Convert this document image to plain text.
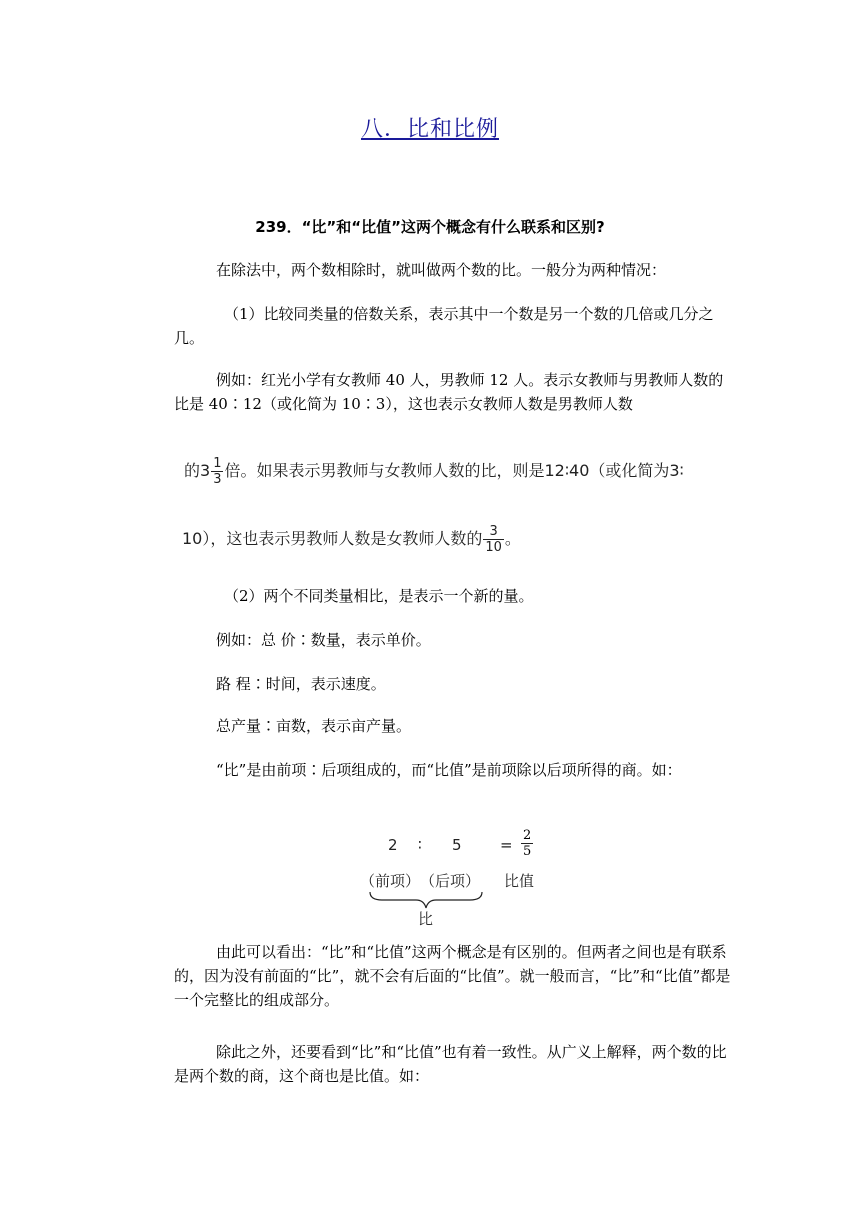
八．比和比例
239．“比”和“比值”这两个概念有什么联系和区别?

在除法中，两个数相除时，就叫做两个数的比。一般分为两种情况：

（1）比较同类量的倍数关系，表示其中一个数是另一个数的几倍或几分之几。

例如：红光小学有女教师 40 人，男教师 12 人。表示女教师与男教师人数的比是 40∶12（或化简为 10∶3），这也表示女教师人数是男教师人数

的$3 \frac{1}{3}$ 倍。如果表示男教师与女教师人数的比，则是12∶40（或化简为3∶
10），这也表示男教师人数是女教师人数的 $\frac{3}{10}$ 。

（2）两个不同类量相比，是表示一个新的量。

例如：总 价∶数量，表示单价。

路 程∶时间，表示速度。

总产量∶亩数，表示亩产量。

“比”是由前项∶后项组成的，而“比值”是前项除以后项所得的商。如：

2 ∶ 5	= $\frac{2}{5}$
（前项） （后项） 比值
比

由此可以看出：“比”和“比值”这两个概念是有区别的。但两者之间也是有联系的，因为没有前面的“比”，就不会有后面的“比值”。就一般而言，“比”和“比值”都是一个完整比的组成部分。

除此之外，还要看到“比”和“比值”也有着一致性。从广义上解释，两个数的比是两个数的商，这个商也是比值。如：
